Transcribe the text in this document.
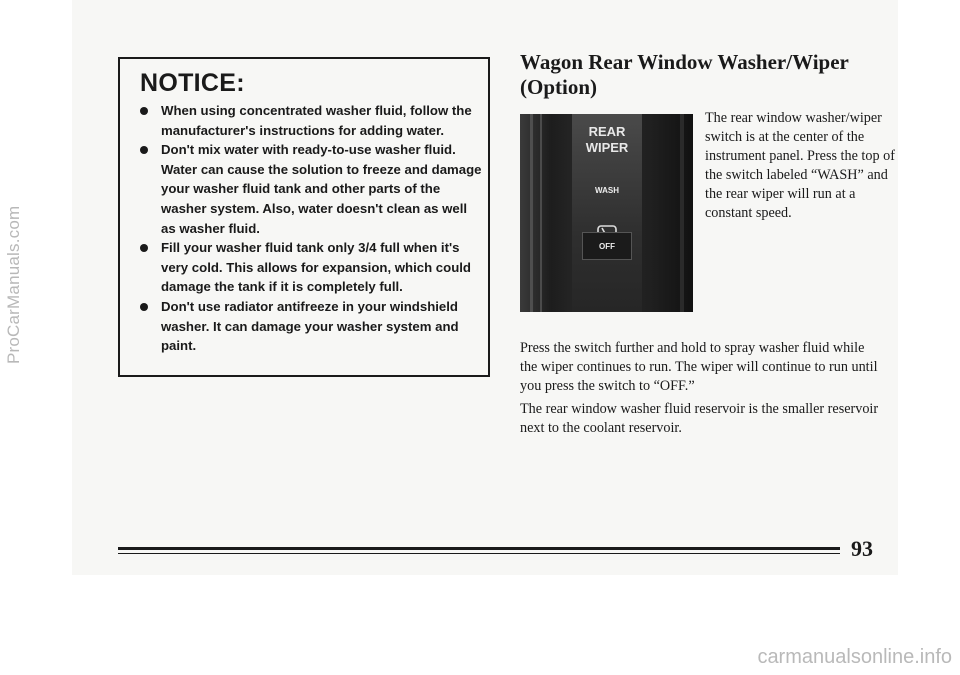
ProCarManuals.com
NOTICE:
When using concentrated washer fluid, follow the manufacturer's instructions for adding water.
Don't mix water with ready-to-use washer fluid. Water can cause the solution to freeze and damage your washer fluid tank and other parts of the washer system. Also, water doesn't clean as well as washer fluid.
Fill your washer fluid tank only 3/4 full when it's very cold. This allows for expansion, which could damage the tank if it is completely full.
Don't use radiator antifreeze in your windshield washer. It can damage your washer system and paint.
Wagon Rear Window Washer/Wiper (Option)
REAR
WIPER
WASH
OFF

The rear window washer/wiper switch is at the center of the instrument panel. Press the top of the switch labeled “WASH” and the rear wiper will run at a constant speed.

Press the switch further and hold to spray washer fluid while the wiper continues to run. The wiper will continue to run until you press the switch to “OFF.”

The rear window washer fluid reservoir is the smaller reservoir next to the coolant reservoir.

93

carmanualsonline.info
